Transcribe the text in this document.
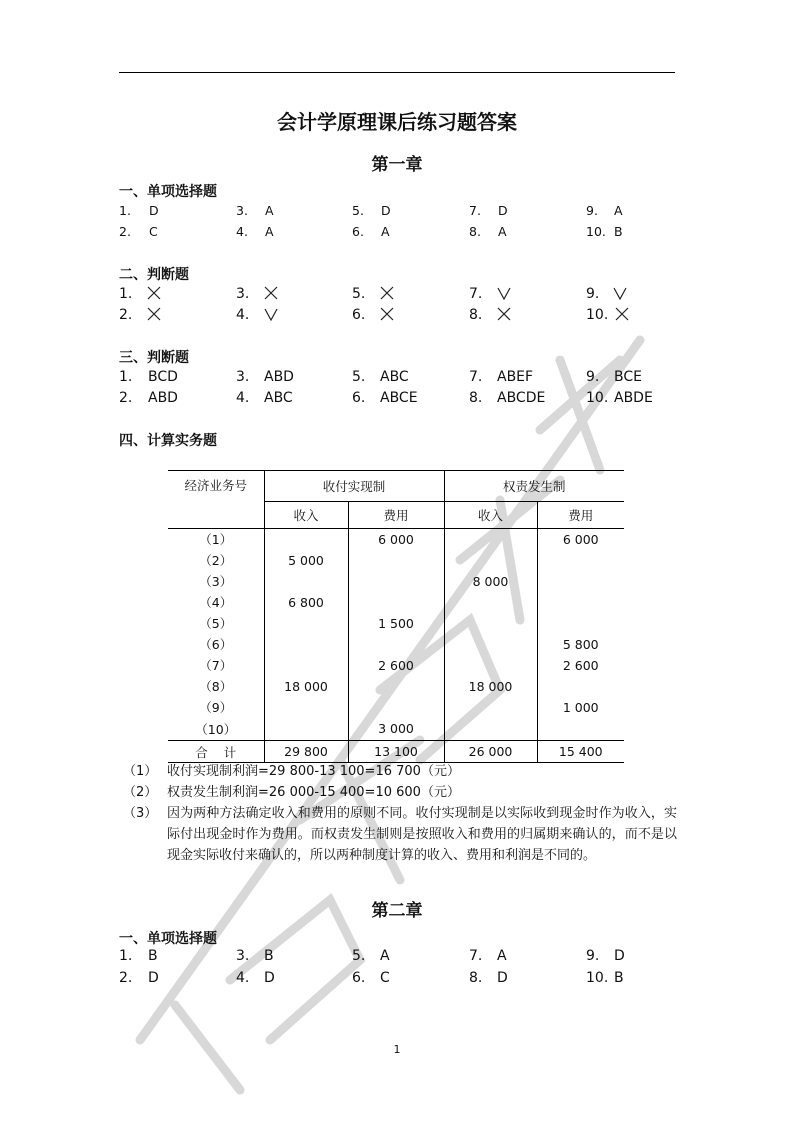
会计学原理课后练习题答案
第一章
一、单项选择题
1. D	3. A	5. D	7. D	9. A
2. C	4. A	6. A	8. A	10. B
二、判断题
1.	3.	5.	7.	9.
2.	4.	6.	8.	10.
三、判断题
1. BCD	3. ABD	5. ABC	7. ABEF	9. BCE
2. ABD	4. ABC	6. ABCE	8. ABCDE	10. ABDE
四、计算实务题
经济业务号	收付实现制		权责发生制	
	收入	费用	收入	费用
（1）		6 000		6 000
（2）	5 000			
（3）			8 000	
（4）	6 800			
（5）		1 500		
（6）				5 800
（7）		2 600		2 600
（8）	18 000		18 000	
（9）				1 000
（10）		3 000		
合    计	29 800	13 100	26 000	15 400
（1） 收付实现制利润=29 800-13 100=16 700（元）
（2） 权责发生制利润=26 000-15 400=10 600（元）
（3） 因为两种方法确定收入和费用的原则不同。收付实现制是以实际收到现金时作为收入，实际付出现金时作为费用。而权责发生制则是按照收入和费用的归属期来确认的，而不是以现金实际收付来确认的，所以两种制度计算的收入、费用和利润是不同的。
第二章
一、单项选择题
1. B	3. B	5. A	7. A	9. D
2. D	4. D	6. C	8. D	10. B
1
